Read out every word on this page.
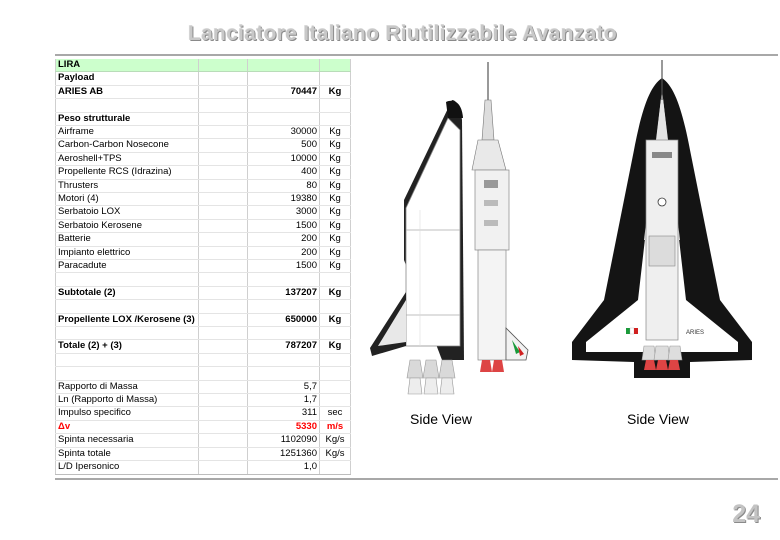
Lanciatore Italiano Riutilizzabile Avanzato
LIRA			
Payload			
ARIES AB		70447	Kg

Peso strutturale			
Airframe		30000	Kg
Carbon-Carbon Nosecone		500	Kg
Aeroshell+TPS		10000	Kg
Propellente RCS (Idrazina)		400	Kg
Thrusters		80	Kg
Motori (4)		19380	Kg
Serbatoio LOX		3000	Kg
Serbatoio Kerosene		1500	Kg
Batterie		200	Kg
Impianto elettrico		200	Kg
Paracadute		1500	Kg

Subtotale (2)		137207	Kg

Propellente LOX /Kerosene (3)		650000	Kg

Totale (2) + (3)		787207	Kg

Rapporto di Massa		5,7	
Ln (Rapporto di Massa)		1,7	
Impulso specifico		311	sec
Δv		5330	m/s
Spinta necessaria		1102090	Kg/s
Spinta totale		1251360	Kg/s
L/D Ipersonico		1,0	
Side View
ARIES
Side View
24
